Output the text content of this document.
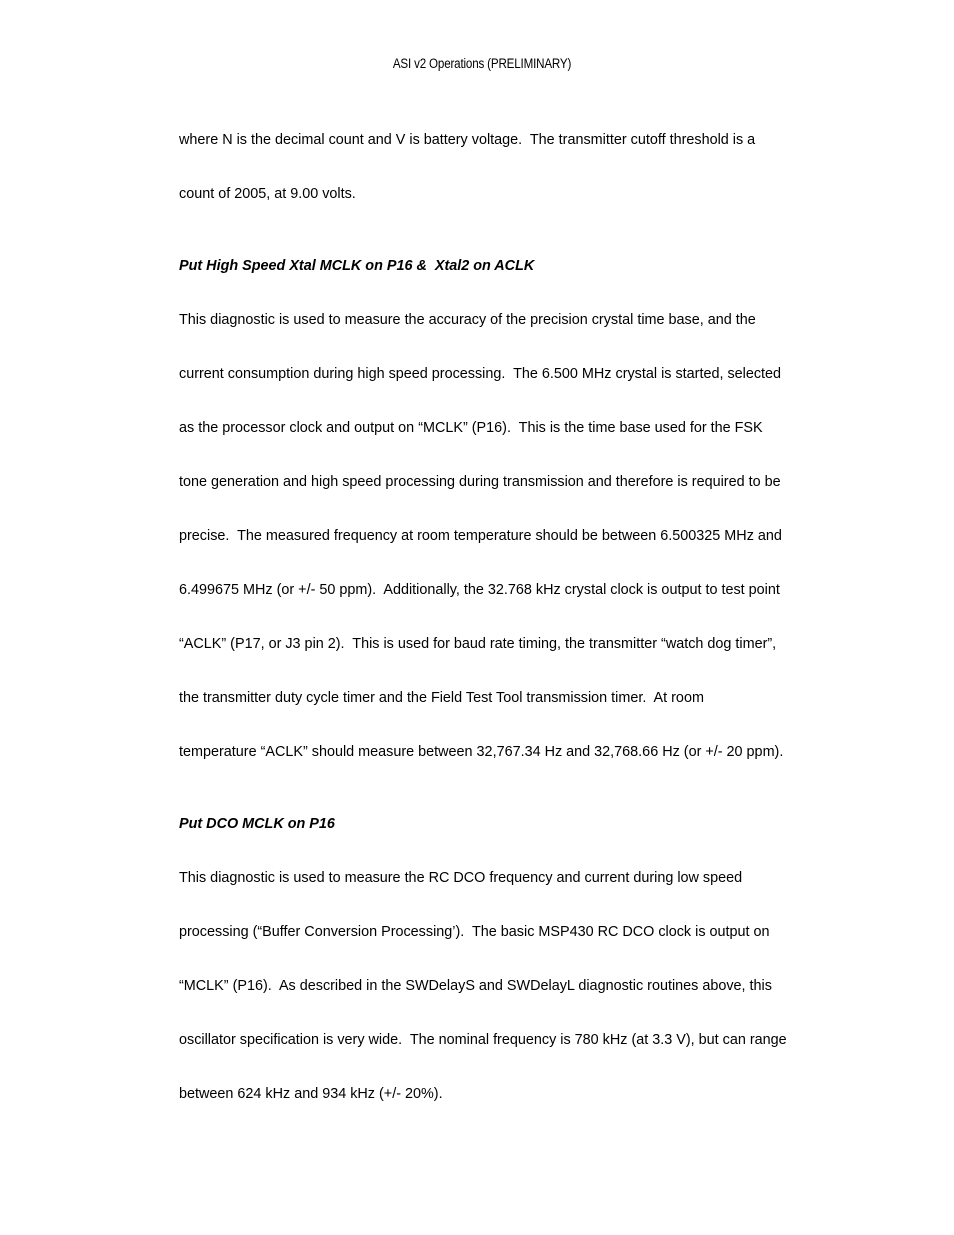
ASI v2 Operations (PRELIMINARY)

where N is the decimal count and V is battery voltage.  The transmitter cutoff threshold is a

count of 2005, at 9.00 volts.

Put High Speed Xtal MCLK on P16 &  Xtal2 on ACLK

This diagnostic is used to measure the accuracy of the precision crystal time base, and the

current consumption during high speed processing.  The 6.500 MHz crystal is started, selected

as the processor clock and output on “MCLK” (P16).  This is the time base used for the FSK

tone generation and high speed processing during transmission and therefore is required to be

precise.  The measured frequency at room temperature should be between 6.500325 MHz and

6.499675 MHz (or +/- 50 ppm).  Additionally, the 32.768 kHz crystal clock is output to test point

“ACLK” (P17, or J3 pin 2).  This is used for baud rate timing, the transmitter “watch dog timer”,

the transmitter duty cycle timer and the Field Test Tool transmission timer.  At room

temperature “ACLK” should measure between 32,767.34 Hz and 32,768.66 Hz (or +/- 20 ppm).

Put DCO MCLK on P16

This diagnostic is used to measure the RC DCO frequency and current during low speed

processing (“Buffer Conversion Processing’).  The basic MSP430 RC DCO clock is output on

“MCLK” (P16).  As described in the SWDelayS and SWDelayL diagnostic routines above, this

oscillator specification is very wide.  The nominal frequency is 780 kHz (at 3.3 V), but can range

between 624 kHz and 934 kHz (+/- 20%).
